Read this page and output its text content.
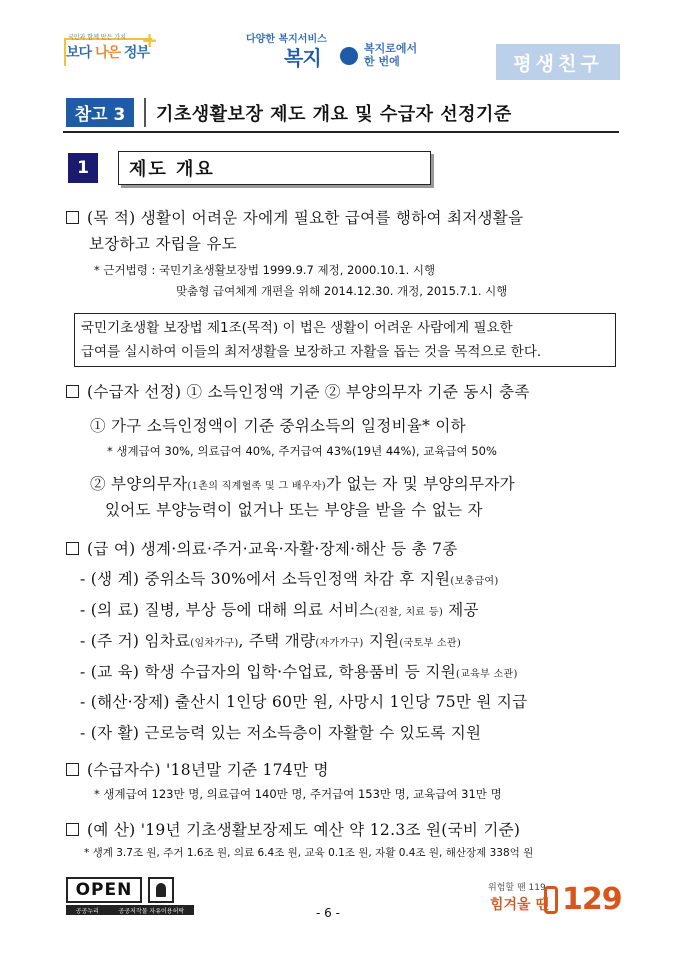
국민과 함께 만든 가치
보다 나은 정부
+	다양한 복지서비스
복지	복지로에서
한 번에	평생친구
참고 3	기초생활보장 제도 개요 및 수급자 선정기준
1	제도 개요
(목 적) 생활이 어려운 자에게 필요한 급여를 행하여 최저생활을
보장하고 자립을 유도
* 근거법령 : 국민기초생활보장법 1999.9.7 제정, 2000.10.1. 시행
맞춤형 급여체계 개편을 위해 2014.12.30. 개정, 2015.7.1. 시행
국민기초생활 보장법 제1조(목적) 이 법은 생활이 어려운 사람에게 필요한
급여를 실시하여 이들의 최저생활을 보장하고 자활을 돕는 것을 목적으로 한다.
(수급자 선정) ① 소득인정액 기준 ② 부양의무자 기준 동시 충족
① 가구 소득인정액이 기준 중위소득의 일정비율* 이하
* 생계급여 30%, 의료급여 40%, 주거급여 43%(19년 44%), 교육급여 50%
② 부양의무자(1촌의 직계혈족 및 그 배우자)가 없는 자 및 부양의무자가
있어도 부양능력이 없거나 또는 부양을 받을 수 없는 자
(급 여) 생계·의료·주거·교육·자활·장제·해산 등 총 7종
- (생 계) 중위소득 30%에서 소득인정액 차감 후 지원(보충급여)
- (의 료) 질병, 부상 등에 대해 의료 서비스(진찰, 치료 등) 제공
- (주 거) 임차료(임차가구), 주택 개량(자가가구) 지원(국토부 소관)
- (교 육) 학생 수급자의 입학·수업료, 학용품비 등 지원(교육부 소관)
- (해산·장제) 출산시 1인당 60만 원, 사망시 1인당 75만 원 지급
- (자 활) 근로능력 있는 저소득층이 자활할 수 있도록 지원
(수급자수) '18년말 기준 174만 명
* 생계급여 123만 명, 의료급여 140만 명, 주거급여 153만 명, 교육급여 31만 명
(예 산) '19년 기초생활보장제도 예산 약 12.3조 원(국비 기준)
* 생계 3.7조 원, 주거 1.6조 원, 의료 6.4조 원, 교육 0.1조 원, 자활 0.4조 원, 해산장제 338억 원
OPEN
공공누리	공공저작물 자유이용허락	- 6 -
위험할 땐 119
힘겨울 땐 129
